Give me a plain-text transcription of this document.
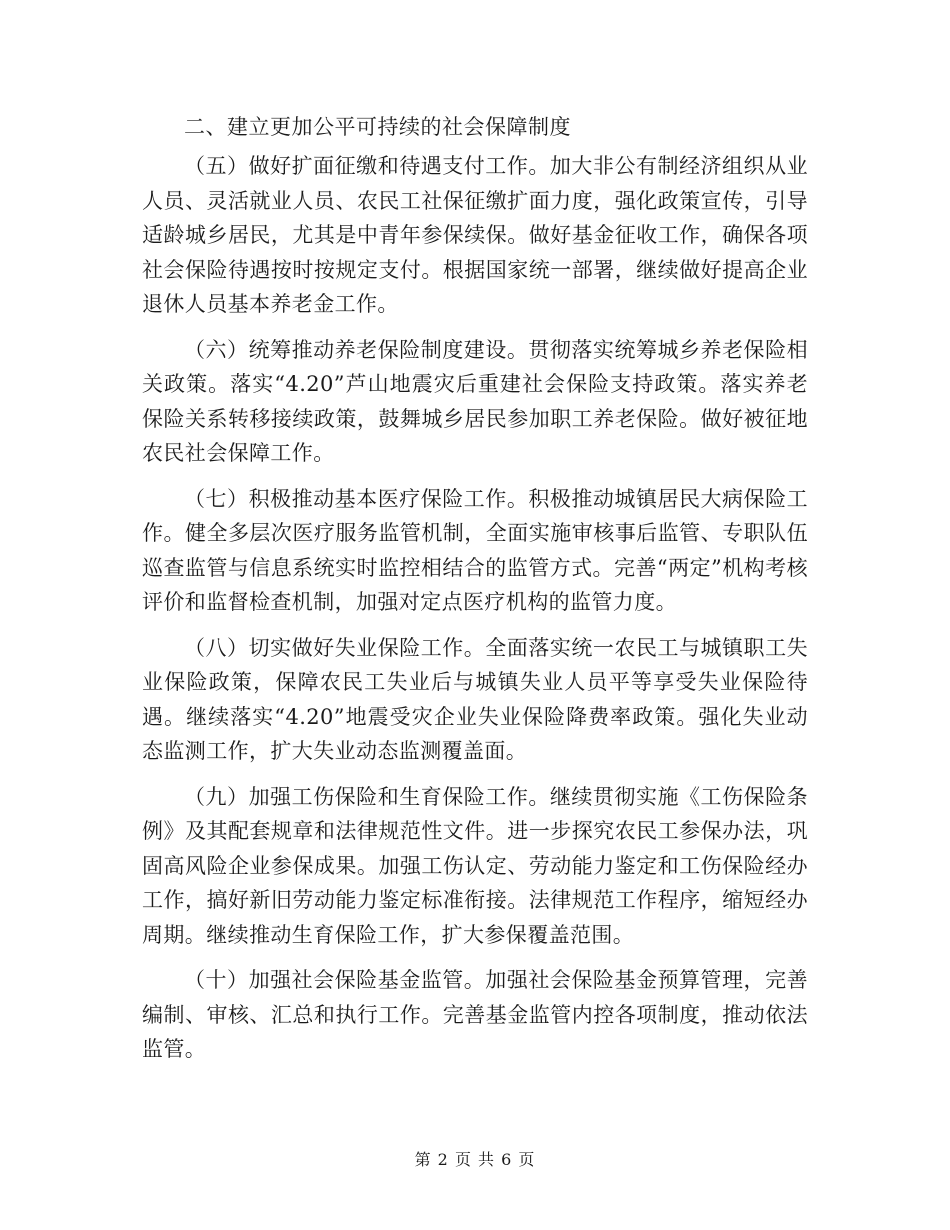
二、建立更加公平可持续的社会保障制度

（五）做好扩面征缴和待遇支付工作。加大非公有制经济组织从业人员、灵活就业人员、农民工社保征缴扩面力度，强化政策宣传，引导适龄城乡居民，尤其是中青年参保续保。做好基金征收工作，确保各项社会保险待遇按时按规定支付。根据国家统一部署，继续做好提高企业退休人员基本养老金工作。

（六）统筹推动养老保险制度建设。贯彻落实统筹城乡养老保险相关政策。落实“4.20”芦山地震灾后重建社会保险支持政策。落实养老保险关系转移接续政策，鼓舞城乡居民参加职工养老保险。做好被征地农民社会保障工作。

（七）积极推动基本医疗保险工作。积极推动城镇居民大病保险工作。健全多层次医疗服务监管机制，全面实施审核事后监管、专职队伍巡查监管与信息系统实时监控相结合的监管方式。完善“两定”机构考核评价和监督检查机制，加强对定点医疗机构的监管力度。

（八）切实做好失业保险工作。全面落实统一农民工与城镇职工失业保险政策，保障农民工失业后与城镇失业人员平等享受失业保险待遇。继续落实“4.20”地震受灾企业失业保险降费率政策。强化失业动态监测工作，扩大失业动态监测覆盖面。

（九）加强工伤保险和生育保险工作。继续贯彻实施《工伤保险条例》及其配套规章和法律规范性文件。进一步探究农民工参保办法，巩固高风险企业参保成果。加强工伤认定、劳动能力鉴定和工伤保险经办工作，搞好新旧劳动能力鉴定标准衔接。法律规范工作程序，缩短经办周期。继续推动生育保险工作，扩大参保覆盖范围。

（十）加强社会保险基金监管。加强社会保险基金预算管理，完善编制、审核、汇总和执行工作。完善基金监管内控各项制度，推动依法监管。

第 2 页 共 6 页
